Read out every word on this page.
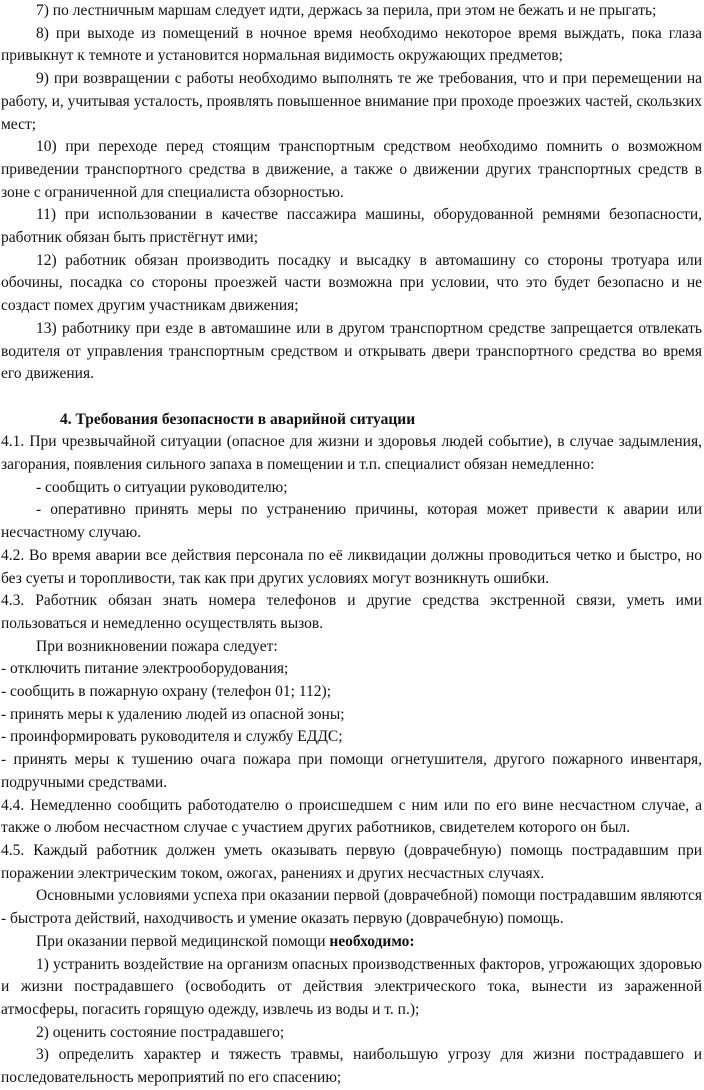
7) по лестничным маршам следует идти, держась за перила, при этом не бежать и не прыгать;

8) при выходе из помещений в ночное время необходимо некоторое время выждать, пока глаза привыкнут к темноте и установится нормальная видимость окружающих предметов;

9) при возвращении с работы необходимо выполнять те же требования, что и при перемещении на работу, и, учитывая усталость, проявлять повышенное внимание при проходе проезжих частей, скользких мест;

10) при переходе перед стоящим транспортным средством необходимо помнить о возможном приведении транспортного средства в движение, а также о движении других транспортных средств в зоне с ограниченной для специалиста обзорностью.

11) при использовании в качестве пассажира машины, оборудованной ремнями безопасности, работник обязан быть пристёгнут ими;

12) работник обязан производить посадку и высадку в автомашину со стороны тротуара или обочины, посадка со стороны проезжей части возможна при условии, что это будет безопасно и не создаст помех другим участникам движения;

13) работнику при езде в автомашине или в другом транспортном средстве запрещается отвлекать водителя от управления транспортным средством и открывать двери транспортного средства во время его движения.

4. Требования безопасности в аварийной ситуации

4.1. При чрезвычайной ситуации (опасное для жизни и здоровья людей событие), в случае задымления, загорания, появления сильного запаха в помещении и т.п. специалист обязан немедленно:

- сообщить о ситуации руководителю;

- оперативно принять меры по устранению причины, которая может привести к аварии или несчастному случаю.

4.2. Во время аварии все действия персонала по её ликвидации должны проводиться четко и быстро, но без суеты и торопливости, так как при других условиях могут возникнуть ошибки.

4.3. Работник обязан знать номера телефонов и другие средства экстренной связи, уметь ими пользоваться и немедленно осуществлять вызов.

При возникновении пожара следует:

- отключить питание электрооборудования;

- сообщить в пожарную охрану (телефон 01; 112);

- принять меры к удалению людей из опасной зоны;

- проинформировать руководителя и службу ЕДДС;

- принять меры к тушению очага пожара при помощи огнетушителя, другого пожарного инвентаря, подручными средствами.

4.4. Немедленно сообщить работодателю о происшедшем с ним или по его вине несчастном случае, а также о любом несчастном случае с участием других работников, свидетелем которого он был.

4.5. Каждый работник должен уметь оказывать первую (доврачебную) помощь пострадавшим при поражении электрическим током, ожогах, ранениях и других несчастных случаях.

Основными условиями успеха при оказании первой (доврачебной) помощи пострадавшим являются - быстрота действий, находчивость и умение оказать первую (доврачебную) помощь.

При оказании первой медицинской помощи необходимо:

1) устранить воздействие на организм опасных производственных факторов, угрожающих здоровью и жизни пострадавшего (освободить от действия электрического тока, вынести из зараженной атмосферы, погасить горящую одежду, извлечь из воды и т. п.);

2) оценить состояние пострадавшего;

3) определить характер и тяжесть травмы, наибольшую угрозу для жизни пострадавшего и последовательность мероприятий по его спасению;
